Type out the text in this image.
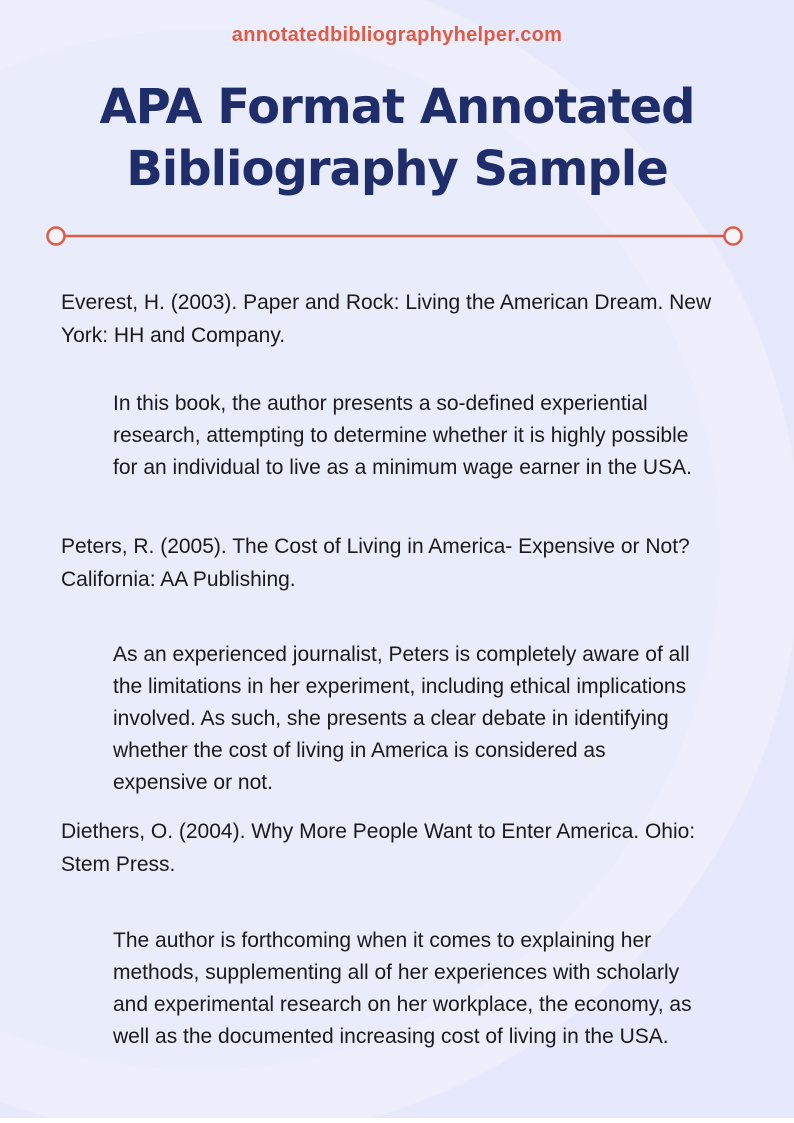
annotatedbibliographyhelper.com
APA Format Annotated
Bibliography Sample

Everest, H. (2003). Paper and Rock: Living the American Dream. New York: HH and Company.

In this book, the author presents a so-defined experiential research, attempting to determine whether it is highly possible for an individual to live as a minimum wage earner in the USA.

Peters, R. (2005). The Cost of Living in America- Expensive or Not? California: AA Publishing.

As an experienced journalist, Peters is completely aware of all the limitations in her experiment, including ethical implications involved. As such, she presents a clear debate in identifying whether the cost of living in America is considered as expensive or not.

Diethers, O. (2004). Why More People Want to Enter America. Ohio: Stem Press.

The author is forthcoming when it comes to explaining her methods, supplementing all of her experiences with scholarly and experimental research on her workplace, the economy, as well as the documented increasing cost of living in the USA.
